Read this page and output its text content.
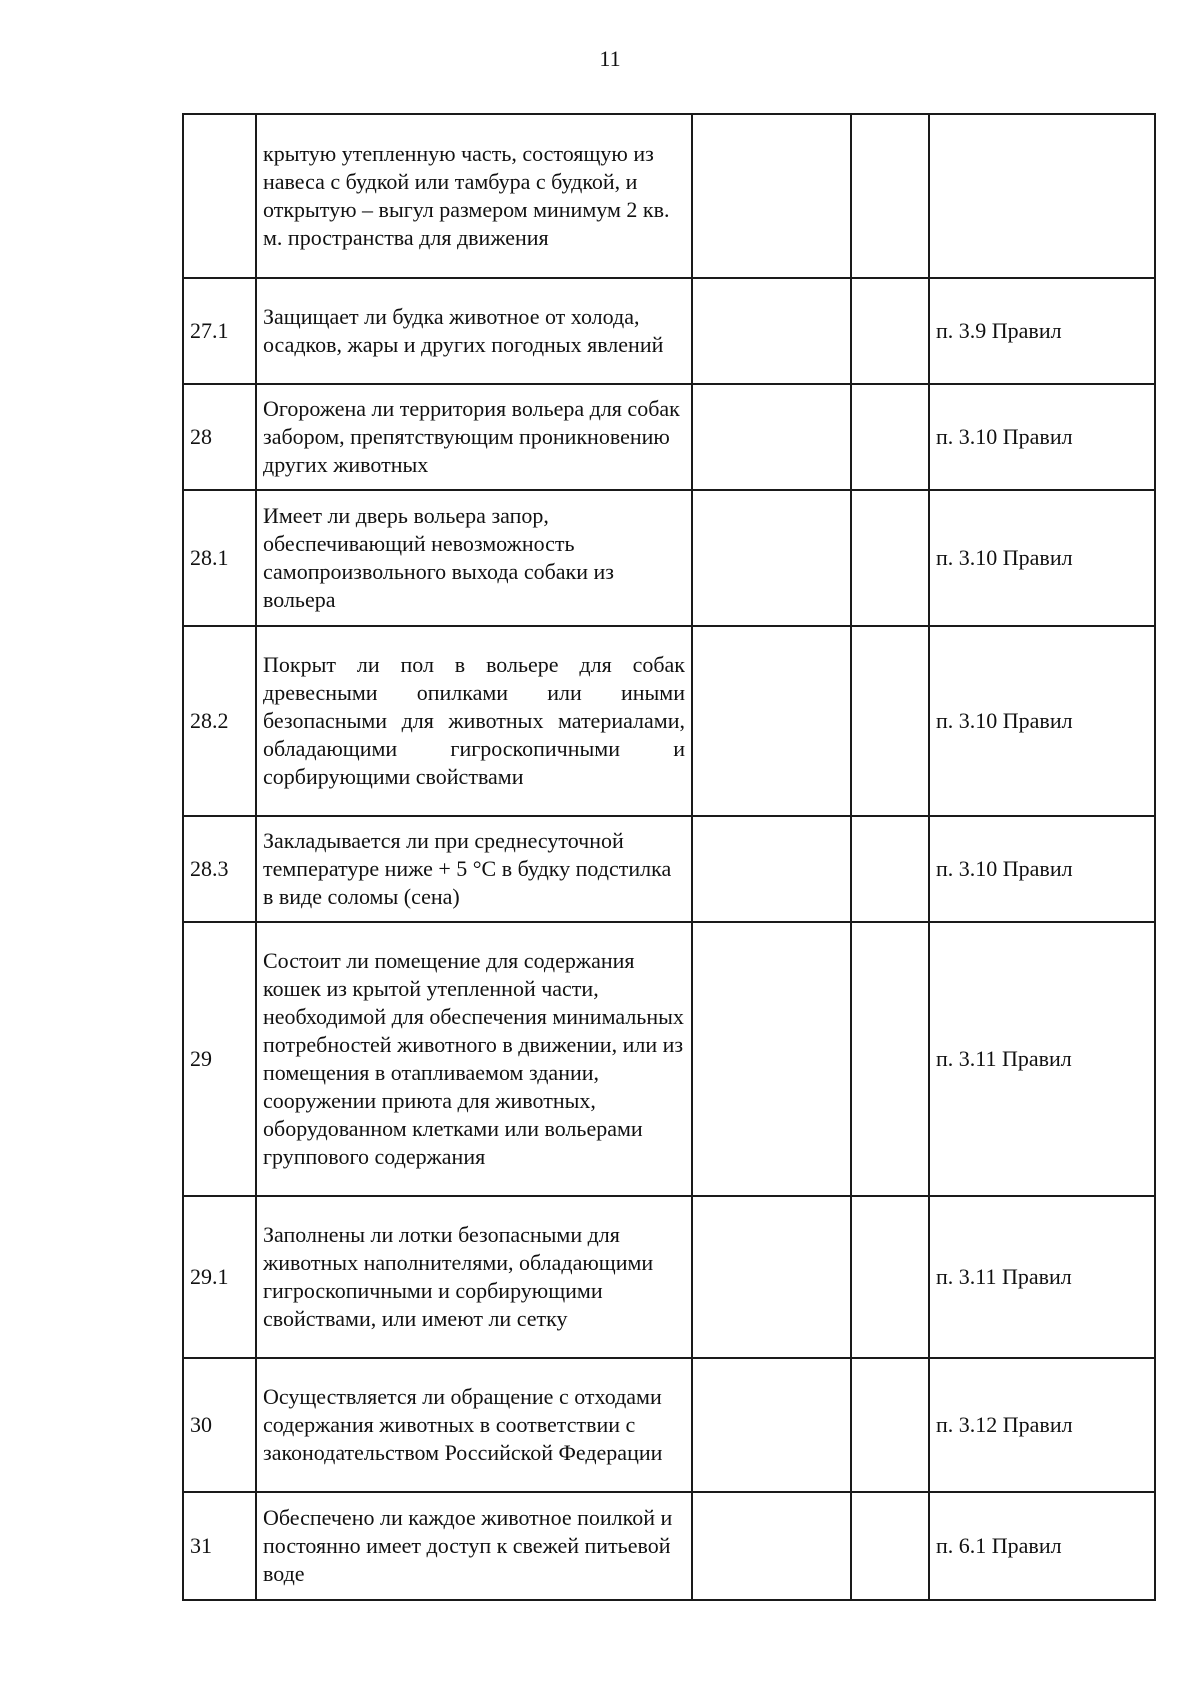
11
	крытую утепленную часть, состоящую из навеса с будкой или тамбура с будкой, и открытую – выгул размером минимум 2 кв. м. пространства для движения			
27.1	Защищает ли будка животное от холода, осадков, жары и других погодных явлений			п. 3.9 Правил
28	Огорожена ли территория вольера для собак забором, препятствующим проникновению других животных			п. 3.10 Правил
28.1	Имеет ли дверь вольера запор, обеспечивающий невозможность самопроизвольного выхода собаки из вольера			п. 3.10 Правил
28.2	Покрыт ли пол в вольере для собак древесными опилками или иными безопасными для животных материалами, обладающими гигроскопичными и сорбирующими свойствами			п. 3.10 Правил
28.3	Закладывается ли при среднесуточной температуре ниже + 5 °С в будку подстилка в виде соломы (сена)			п. 3.10 Правил
29	Состоит ли помещение для содержания кошек из крытой утепленной части, необходимой для обеспечения минимальных потребностей животного в движении, или из помещения в отапливаемом здании, сооружении приюта для животных, оборудованном клетками или вольерами группового содержания			п. 3.11 Правил
29.1	Заполнены ли лотки безопасными для животных наполнителями, обладающими гигроскопичными и сорбирующими свойствами, или имеют ли сетку			п. 3.11 Правил
30	Осуществляется ли обращение с отходами содержания животных в соответствии с законодательством Российской Федерации			п. 3.12 Правил
31	Обеспечено ли каждое животное поилкой и постоянно имеет доступ к свежей питьевой воде			п. 6.1 Правил
